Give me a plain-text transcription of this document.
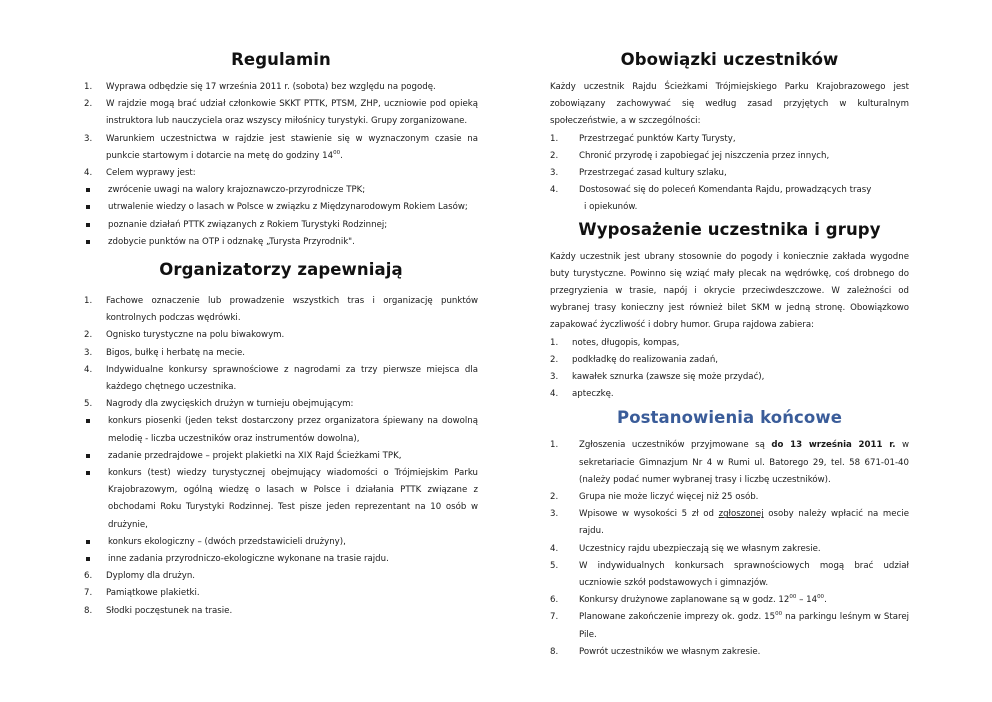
Regulamin
1. Wyprawa odbędzie się 17 września 2011 r. (sobota) bez względu na pogodę.
2. W rajdzie mogą brać udział członkowie SKKT PTTK, PTSM, ZHP, uczniowie pod opieką instruktora lub nauczyciela oraz wszyscy miłośnicy turystyki. Grupy zorganizowane.
3. Warunkiem uczestnictwa w rajdzie jest stawienie się w wyznaczonym czasie na punkcie startowym i dotarcie na metę do godziny $14^{00}$.
4. Celem wyprawy jest:
zwrócenie uwagi na walory krajoznawczo-przyrodnicze TPK;
utrwalenie wiedzy o lasach w Polsce w związku z Międzynarodowym Rokiem Lasów;
poznanie działań PTTK związanych z Rokiem Turystyki Rodzinnej;
zdobycie punktów na OTP i odznakę „Turysta Przyrodnik".
Organizatorzy zapewniają
1. Fachowe oznaczenie lub prowadzenie wszystkich tras i organizację punktów kontrolnych podczas wędrówki.
2. Ognisko turystyczne na polu biwakowym.
3. Bigos, bułkę i herbatę na mecie.
4. Indywidualne konkursy sprawnościowe z nagrodami za trzy pierwsze miejsca dla każdego chętnego uczestnika.
5. Nagrody dla zwycięskich drużyn w turnieju obejmującym:
konkurs piosenki (jeden tekst dostarczony przez organizatora śpiewany na dowolną melodię - liczba uczestników oraz instrumentów dowolna),
zadanie przedrajdowe – projekt plakietki na XIX Rajd Ścieżkami TPK,
konkurs (test) wiedzy turystycznej obejmujący wiadomości o Trójmiejskim Parku Krajobrazowym, ogólną wiedzę o lasach w Polsce i działania PTTK związane z obchodami Roku Turystyki Rodzinnej. Test pisze jeden reprezentant na 10 osób w drużynie,
konkurs ekologiczny – (dwóch przedstawicieli drużyny),
inne zadania przyrodniczo-ekologiczne wykonane na trasie rajdu.
6. Dyplomy dla drużyn.
7. Pamiątkowe plakietki.
8. Słodki poczęstunek na trasie.
Obowiązki uczestników
Każdy uczestnik Rajdu Ścieżkami Trójmiejskiego Parku Krajobrazowego jest zobowiązany zachowywać się według zasad przyjętych w kulturalnym społeczeństwie, a w szczególności:
1. Przestrzegać punktów Karty Turysty,
2. Chronić przyrodę i zapobiegać jej niszczenia przez innych,
3. Przestrzegać zasad kultury szlaku,
4. Dostosować się do poleceń Komendanta Rajdu, prowadzących trasy
i opiekunów.
Wyposażenie uczestnika i grupy
Każdy uczestnik jest ubrany stosownie do pogody i koniecznie zakłada wygodne buty turystyczne. Powinno się wziąć mały plecak na wędrówkę, coś drobnego do przegryzienia w trasie, napój i okrycie przeciwdeszczowe. W zależności od wybranej trasy konieczny jest również bilet SKM w jedną stronę. Obowiązkowo zapakować życzliwość i dobry humor. Grupa rajdowa zabiera:
1. notes, długopis, kompas,
2. podkładkę do realizowania zadań,
3. kawałek sznurka (zawsze się może przydać),
4. apteczkę.
Postanowienia końcowe
1. Zgłoszenia uczestników przyjmowane są do 13 września 2011 r. w sekretariacie Gimnazjum Nr 4 w Rumi ul. Batorego 29, tel. 58 671-01-40 (należy podać numer wybranej trasy i liczbę uczestników).
2. Grupa nie może liczyć więcej niż 25 osób.
3. Wpisowe w wysokości 5 zł od zgłoszonej osoby należy wpłacić na mecie rajdu.
4. Uczestnicy rajdu ubezpieczają się we własnym zakresie.
5. W indywidualnych konkursach sprawnościowych mogą brać udział uczniowie szkół podstawowych i gimnazjów.
6. Konkursy drużynowe zaplanowane są w godz. $12^{00} - 14^{00}$.
7. Planowane zakończenie imprezy ok. godz. $15^{00}$ na parkingu leśnym w Starej Pile.
8. Powrót uczestników we własnym zakresie.
